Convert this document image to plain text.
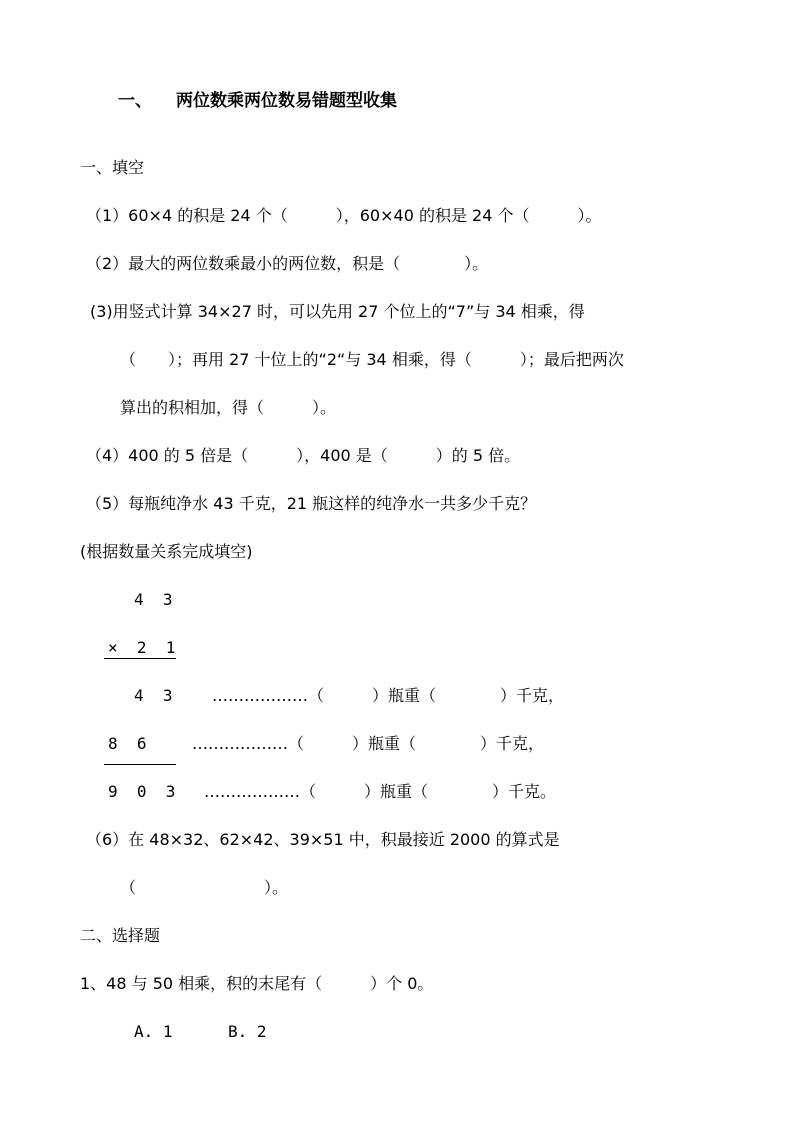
一、 两位数乘两位数易错题型收集
一、填空
（1）60×4 的积是 24 个（　　　），60×40 的积是 24 个（　　　）。
（2）最大的两位数乘最小的两位数，积是（　　　　）。
(3)用竖式计算 34×27 时，可以先用 27 个位上的“7”与 34 相乘，得
（　　）；再用 27 十位上的“2“与 34 相乘，得（　　　）；最后把两次
算出的积相加，得（　　　）。
（4）400 的 5 倍是（　　　），400 是（　　　）的 5 倍。
（5）每瓶纯净水 43 千克，21 瓶这样的纯净水一共多少千克？
(根据数量关系完成填空)
4  3
×  2  1
4  3 ………………（　　　）瓶重（　　　　）千克，
8  6	………………（　　　）瓶重（　　　　）千克，
9  0  3 ………………（　　　）瓶重（　　　　）千克。
（6）在 48×32、62×42、39×51 中，积最接近 2000 的算式是
（　　　　　　　　）。
二、选择题
1、48 与 50 相乘，积的末尾有（　　　）个 0。
A. 1	B. 2
